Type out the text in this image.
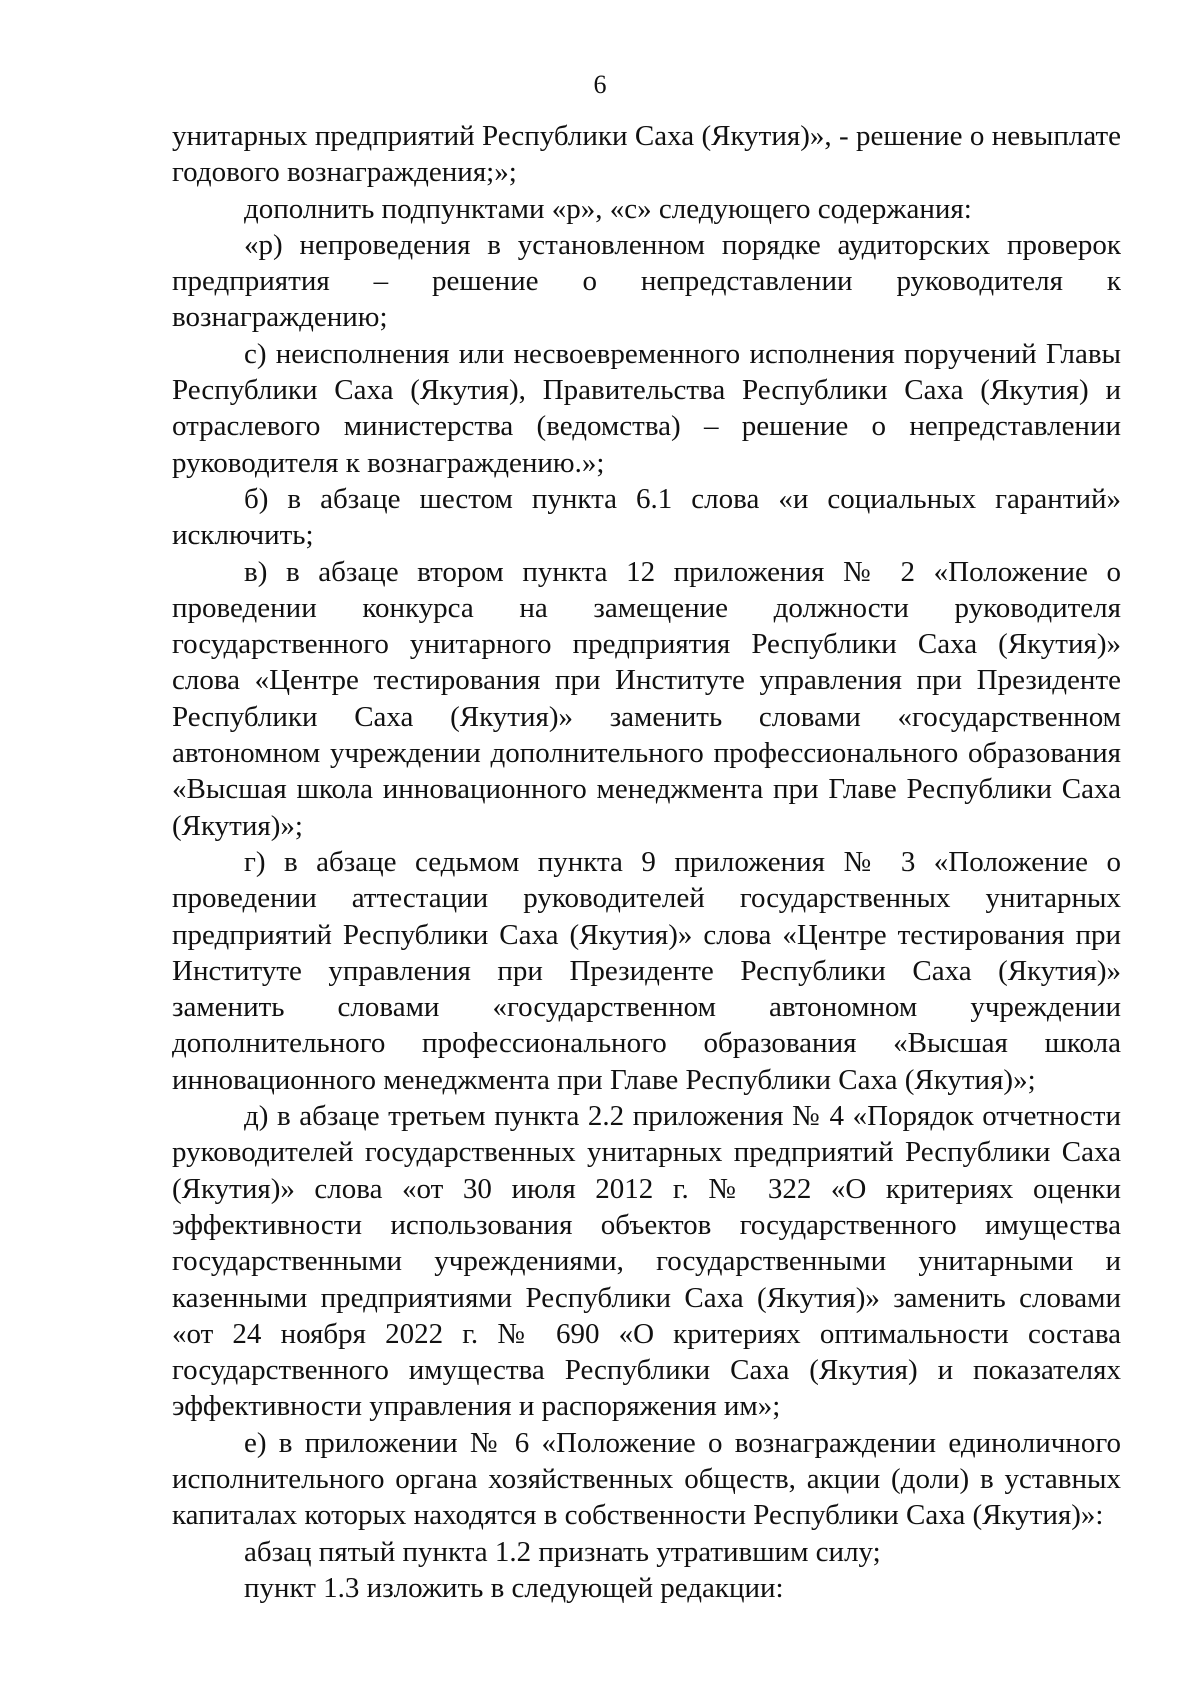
6

унитарных предприятий Республики Саха (Якутия)», - решение о невыплате годового вознаграждения;»;

дополнить подпунктами «р», «с» следующего содержания:

«р) непроведения в установленном порядке аудиторских проверок предприятия – решение о непредставлении руководителя к вознаграждению;

с) неисполнения или несвоевременного исполнения поручений Главы Республики Саха (Якутия), Правительства Республики Саха (Якутия) и отраслевого министерства (ведомства) – решение о непредставлении руководителя к вознаграждению.»;

б) в абзаце шестом пункта 6.1 слова «и социальных гарантий» исключить;

в) в абзаце втором пункта 12 приложения № 2 «Положение о проведении конкурса на замещение должности руководителя государственного унитарного предприятия Республики Саха (Якутия)» слова «Центре тестирования при Институте управления при Президенте Республики Саха (Якутия)» заменить словами «государственном автономном учреждении дополнительного профессионального образования «Высшая школа инновационного менеджмента при Главе Республики Саха (Якутия)»;

г) в абзаце седьмом пункта 9 приложения № 3 «Положение о проведении аттестации руководителей государственных унитарных предприятий Республики Саха (Якутия)» слова «Центре тестирования при Институте управления при Президенте Республики Саха (Якутия)» заменить словами «государственном автономном учреждении дополнительного профессионального образования «Высшая школа инновационного менеджмента при Главе Республики Саха (Якутия)»;

д) в абзаце третьем пункта 2.2 приложения № 4 «Порядок отчетности руководителей государственных унитарных предприятий Республики Саха (Якутия)» слова «от 30 июля 2012 г. № 322 «О критериях оценки эффективности использования объектов государственного имущества государственными учреждениями, государственными унитарными и казенными предприятиями Республики Саха (Якутия)» заменить словами «от 24 ноября 2022 г. № 690 «О критериях оптимальности состава государственного имущества Республики Саха (Якутия) и показателях эффективности управления и распоряжения им»;

е) в приложении № 6 «Положение о вознаграждении единоличного исполнительного органа хозяйственных обществ, акции (доли) в уставных капиталах которых находятся в собственности Республики Саха (Якутия)»:

абзац пятый пункта 1.2 признать утратившим силу;

пункт 1.3 изложить в следующей редакции:
